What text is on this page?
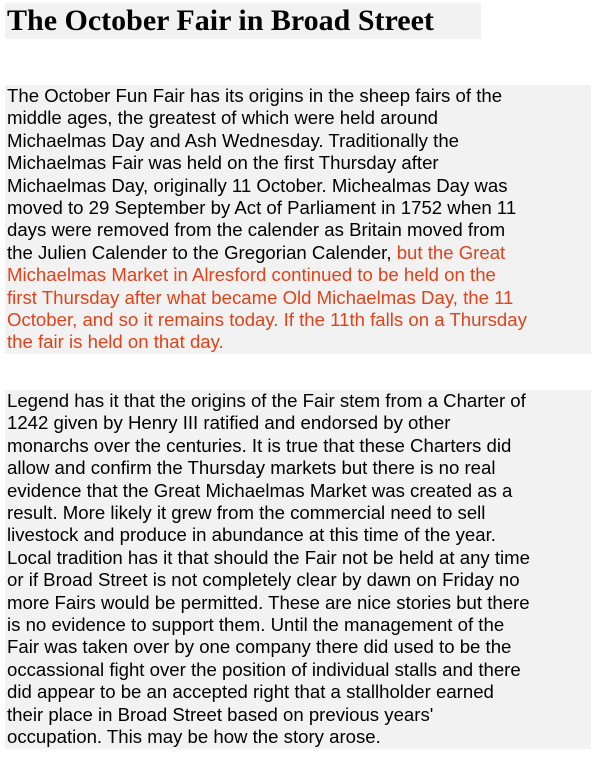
The October Fair in Broad Street
The October Fun Fair has its origins in the sheep fairs of the
middle ages, the greatest of which were held around
Michaelmas Day and Ash Wednesday. Traditionally the
Michaelmas Fair was held on the first Thursday after
Michaelmas Day, originally 11 October. Michealmas Day was
moved to 29 September by Act of Parliament in 1752 when 11
days were removed from the calender as Britain moved from
the Julien Calender to the Gregorian Calender, but the Great
Michaelmas Market in Alresford continued to be held on the
first Thursday after what became Old Michaelmas Day, the 11
October, and so it remains today. If the 11th falls on a Thursday
the fair is held on that day.
Legend has it that the origins of the Fair stem from a Charter of
1242 given by Henry III ratified and endorsed by other
monarchs over the centuries. It is true that these Charters did
allow and confirm the Thursday markets but there is no real
evidence that the Great Michaelmas Market was created as a
result. More likely it grew from the commercial need to sell
livestock and produce in abundance at this time of the year.
Local tradition has it that should the Fair not be held at any time
or if Broad Street is not completely clear by dawn on Friday no
more Fairs would be permitted. These are nice stories but there
is no evidence to support them. Until the management of the
Fair was taken over by one company there did used to be the
occassional fight over the position of individual stalls and there
did appear to be an accepted right that a stallholder earned
their place in Broad Street based on previous years'
occupation. This may be how the story arose.
